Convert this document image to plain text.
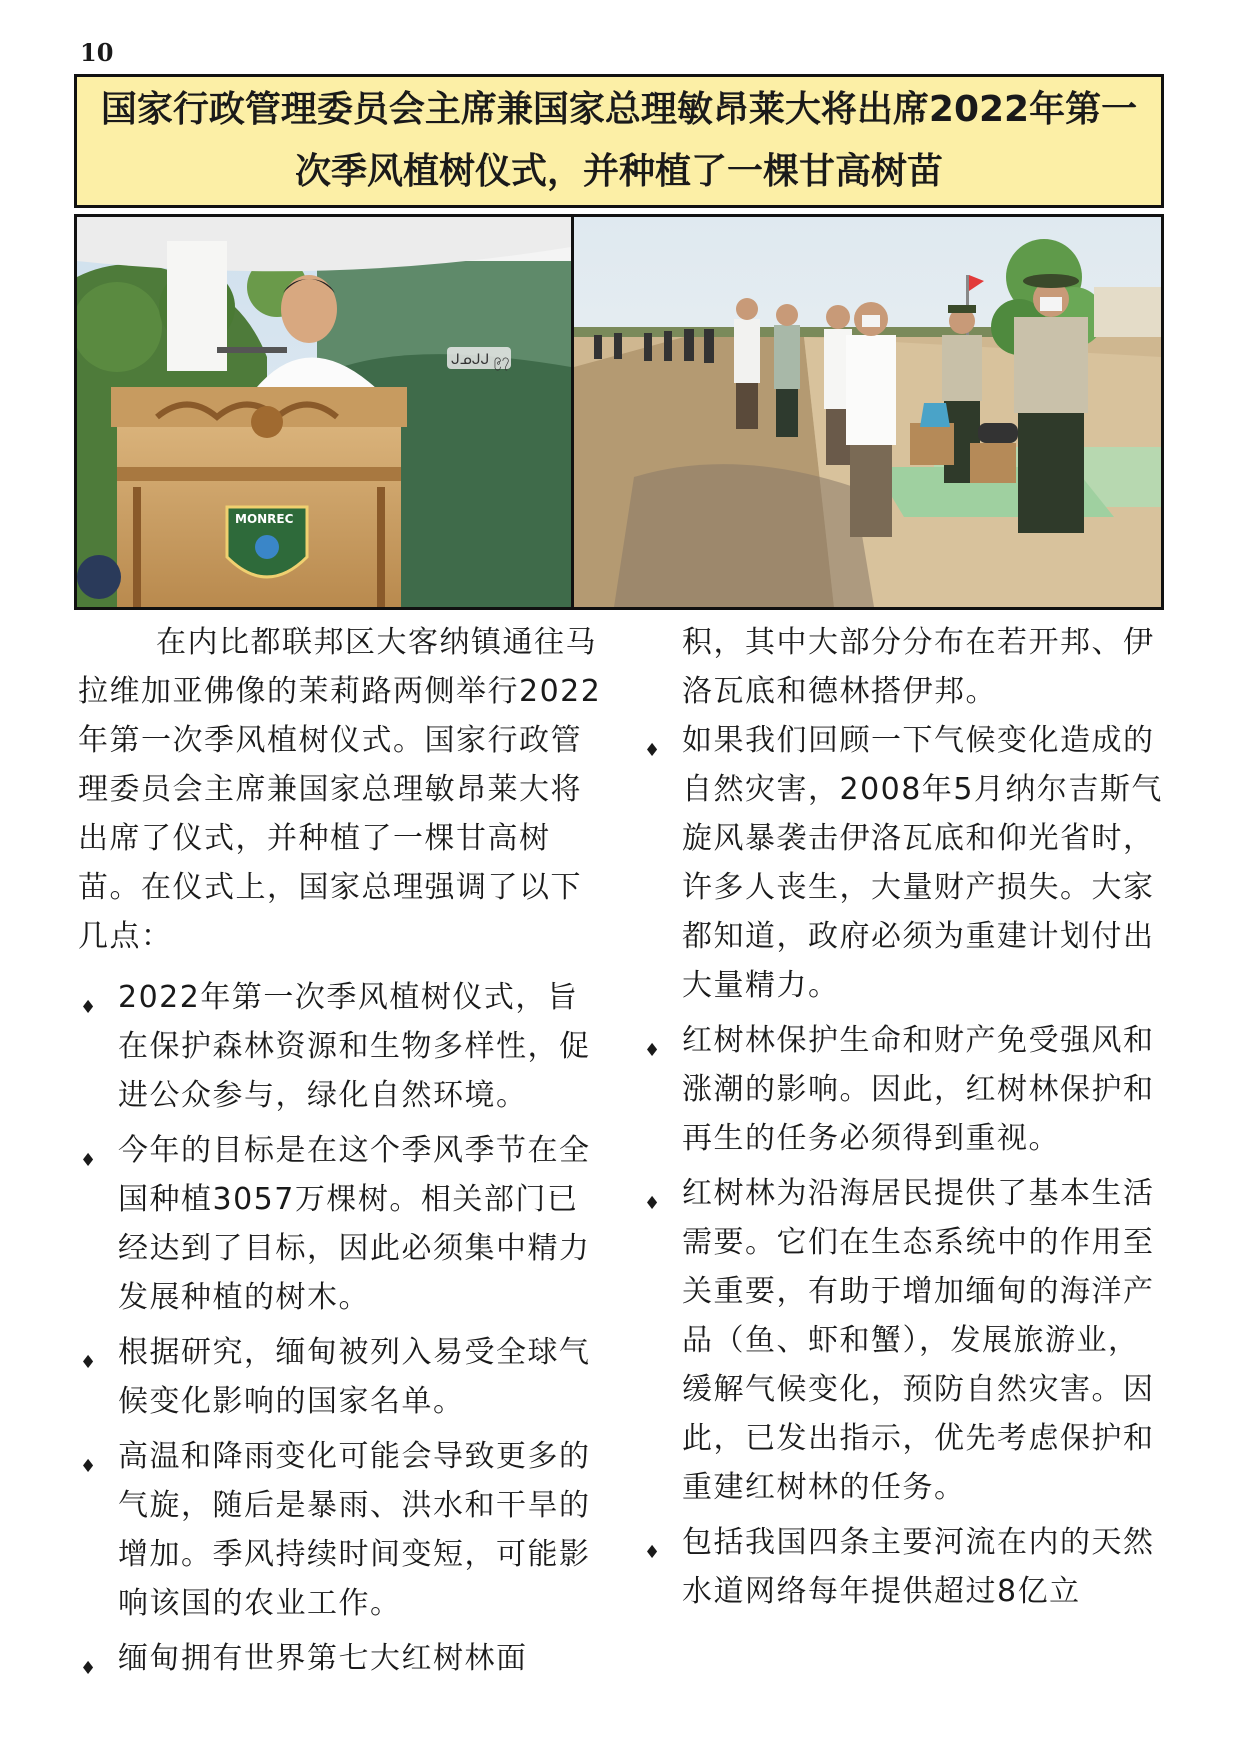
10
国家行政管理委员会主席兼国家总理敏昂莱大将出席2022年第一
次季风植树仪式，并种植了一棵甘高树苗
ᒍᓄᒍᒍ ၉၇
MONREC

在内比都联邦区大客纳镇通往马拉维加亚佛像的茉莉路两侧举行2022年第一次季风植树仪式。国家行政管理委员会主席兼国家总理敏昂莱大将出席了仪式，并种植了一棵甘高树苗。在仪式上，国家总理强调了以下几点：

♦ 2022年第一次季风植树仪式，旨在保护森林资源和生物多样性，促进公众参与，绿化自然环境。
♦ 今年的目标是在这个季风季节在全国种植3057万棵树。相关部门已经达到了目标，因此必须集中精力发展种植的树木。
♦ 根据研究，缅甸被列入易受全球气候变化影响的国家名单。
♦ 高温和降雨变化可能会导致更多的气旋，随后是暴雨、洪水和干旱的增加。季风持续时间变短，可能影响该国的农业工作。
♦ 缅甸拥有世界第七大红树林面

积，其中大部分分布在若开邦、伊洛瓦底和德林搭伊邦。

♦ 如果我们回顾一下气候变化造成的自然灾害，2008年5月纳尔吉斯气旋风暴袭击伊洛瓦底和仰光省时，许多人丧生，大量财产损失。大家都知道，政府必须为重建计划付出大量精力。
♦ 红树林保护生命和财产免受强风和涨潮的影响。因此，红树林保护和再生的任务必须得到重视。
♦ 红树林为沿海居民提供了基本生活需要。它们在生态系统中的作用至关重要，有助于增加缅甸的海洋产品（鱼、虾和蟹），发展旅游业，缓解气候变化，预防自然灾害。因此，已发出指示，优先考虑保护和重建红树林的任务。
♦ 包括我国四条主要河流在内的天然水道网络每年提供超过8亿立
